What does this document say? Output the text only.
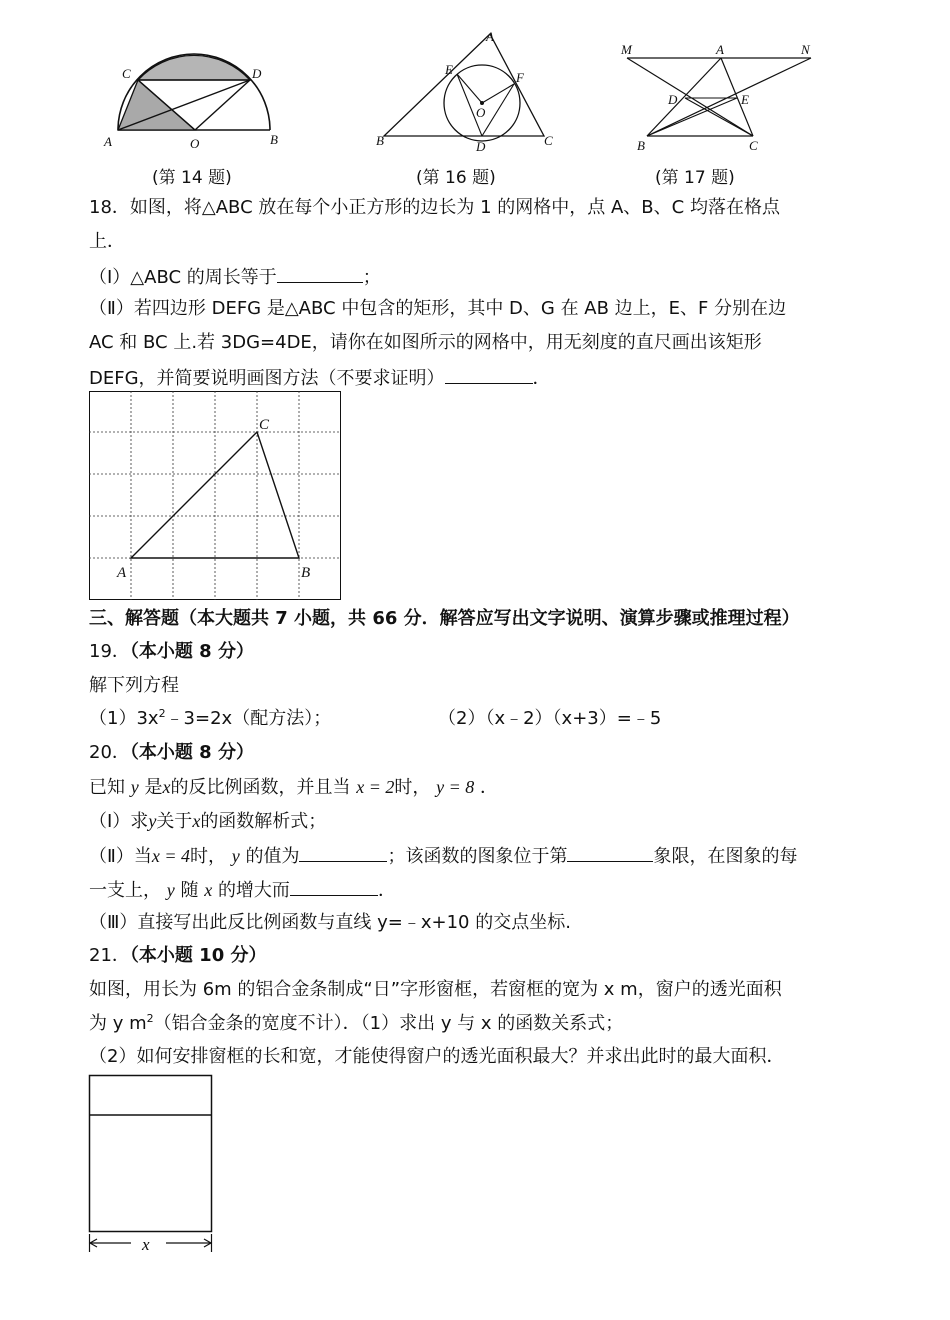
A
C	D
O	B
(第 14 题)
A
E
F
O
B	D	C
(第 16 题)
M	A	N
D	E
B	C
(第 17 题)
18．如图，将△ABC 放在每个小正方形的边长为 1 的网格中，点 A、B、C 均落在格点
上．
（Ⅰ）△ABC 的周长等于	；
（Ⅱ）若四边形 DEFG 是△ABC 中包含的矩形，其中 D、G 在 AB 边上，E、F 分别在边
AC 和 BC 上.若 3DG=4DE，请你在如图所示的网格中，用无刻度的直尺画出该矩形
DEFG，并简要说明画图方法（不要求证明）	．
C
A	B
三、解答题（本大题共 7 小题，共 66 分．解答应写出文字说明、演算步骤或推理过程）
19．（本小题 8 分）
解下列方程
$(1)3x^2﹣3=2x$（配方法）；	（2）（x﹣2）（x+3）=﹣5
20．（本小题 8 分）
已知 y 是x的反比例函数，并且当 x = 2时， y = 8 ．
（Ⅰ）求y关于x的函数解析式；
（Ⅱ）当x = 4时， y 的值为	；该函数的图象位于第	象限，在图象的每
一支上， y 随 x 的增大而	．
（Ⅲ）直接写出此反比例函数与直线 y=﹣x+10 的交点坐标.
21．（本小题 10 分）
如图，用长为 6m 的铝合金条制成“日”字形窗框，若窗框的宽为 x m，窗户的透光面积
为 y $m^2$（铝合金条的宽度不计）．（1）求出 y 与 x 的函数关系式；
（2）如何安排窗框的长和宽，才能使得窗户的透光面积最大？并求出此时的最大面积．
x
